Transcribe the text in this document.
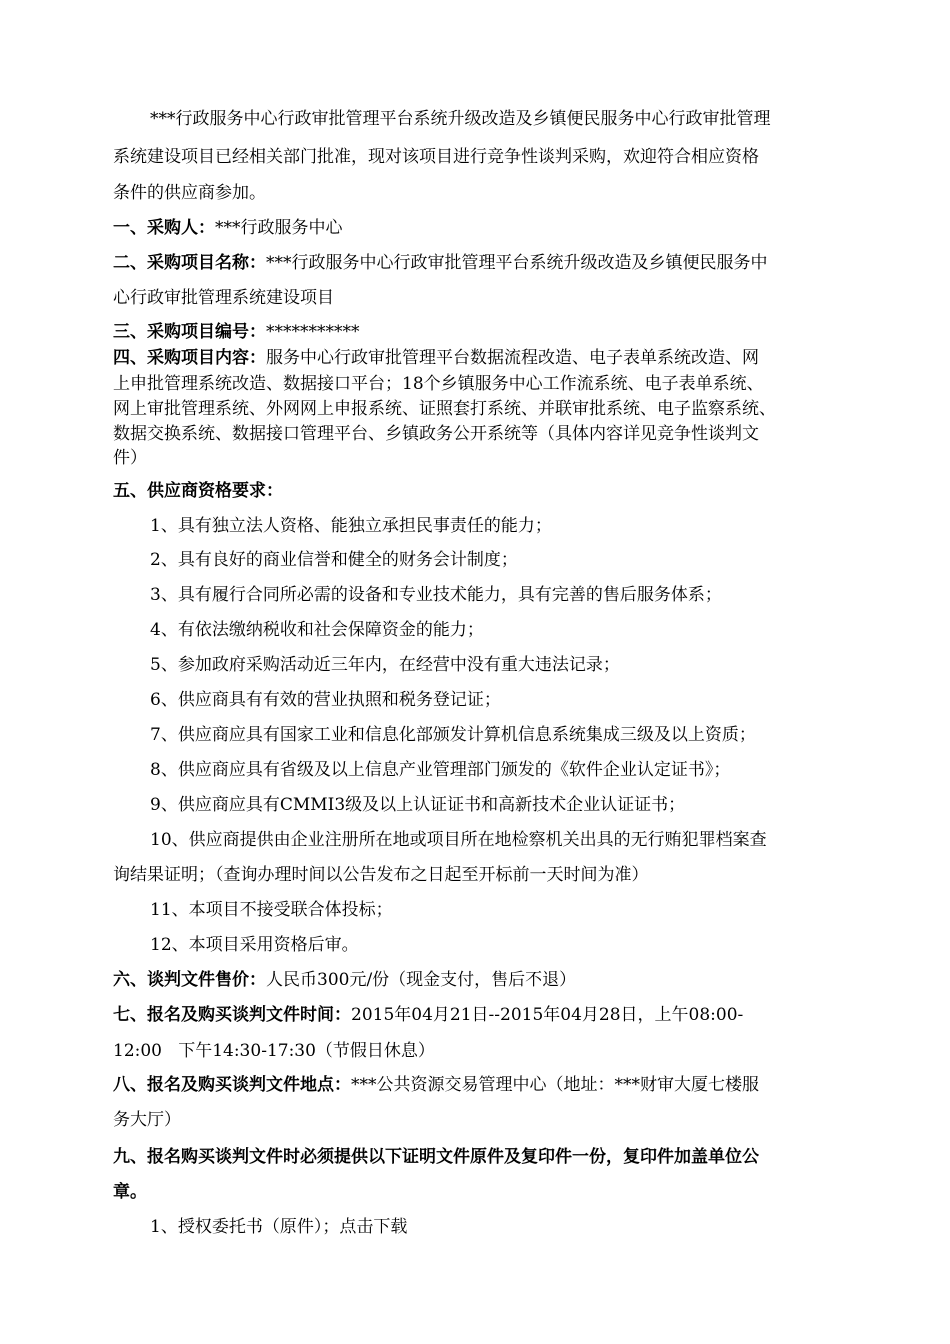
***行政服务中心行政审批管理平台系统升级改造及乡镇便民服务中心行政审批管理
系统建设项目已经相关部门批准，现对该项目进行竞争性谈判采购，欢迎符合相应资格
条件的供应商参加。
一、采购人：***行政服务中心
二、采购项目名称：***行政服务中心行政审批管理平台系统升级改造及乡镇便民服务中
心行政审批管理系统建设项目
三、采购项目编号：***********
四、采购项目内容：服务中心行政审批管理平台数据流程改造、电子表单系统改造、网
上申批管理系统改造、数据接口平台；18个乡镇服务中心工作流系统、电子表单系统、
网上审批管理系统、外网网上申报系统、证照套打系统、并联审批系统、电子监察系统、
数据交换系统、数据接口管理平台、乡镇政务公开系统等（具体内容详见竞争性谈判文
件）
五、供应商资格要求：
1、具有独立法人资格、能独立承担民事责任的能力；
2、具有良好的商业信誉和健全的财务会计制度；
3、具有履行合同所必需的设备和专业技术能力，具有完善的售后服务体系；
4、有依法缴纳税收和社会保障资金的能力；
5、参加政府采购活动近三年内，在经营中没有重大违法记录；
6、供应商具有有效的营业执照和税务登记证；
7、供应商应具有国家工业和信息化部颁发计算机信息系统集成三级及以上资质；
8、供应商应具有省级及以上信息产业管理部门颁发的《软件企业认定证书》；
9、供应商应具有CMMI3级及以上认证证书和高新技术企业认证证书；
10、供应商提供由企业注册所在地或项目所在地检察机关出具的无行贿犯罪档案查
询结果证明；（查询办理时间以公告发布之日起至开标前一天时间为准）
11、本项目不接受联合体投标；
12、本项目采用资格后审。
六、谈判文件售价：人民币300元/份（现金支付，售后不退）
七、报名及购买谈判文件时间：2015年04月21日--2015年04月28日，上午08:00-
12:00   下午14:30-17:30（节假日休息）
八、报名及购买谈判文件地点：***公共资源交易管理中心（地址：***财审大厦七楼服
务大厅）
九、报名购买谈判文件时必须提供以下证明文件原件及复印件一份，复印件加盖单位公
章。
1、授权委托书（原件）；点击下载
